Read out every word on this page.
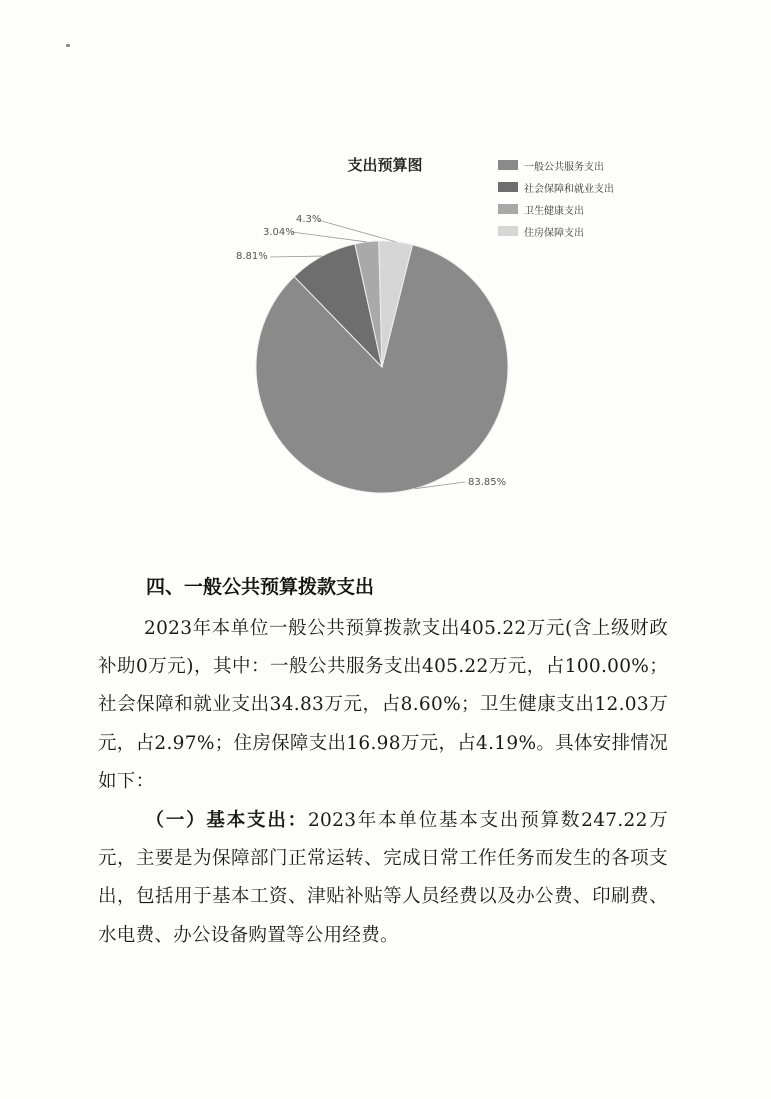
支出预算图	一般公共服务支出
社会保障和就业支出
卫生健康支出
住房保障支出
83.85%
8.81%
3.04%
4.3%
四、一般公共预算拨款支出

2023年本单位一般公共预算拨款支出405.22万元(含上级财政补助0万元)，其中：一般公共服务支出405.22万元，占100.00%；社会保障和就业支出34.83万元，占8.60%；卫生健康支出12.03万元，占2.97%；住房保障支出16.98万元，占4.19%。具体安排情况如下：

（一）基本支出：2023年本单位基本支出预算数247.22万元，主要是为保障部门正常运转、完成日常工作任务而发生的各项支出，包括用于基本工资、津贴补贴等人员经费以及办公费、印刷费、水电费、办公设备购置等公用经费。
